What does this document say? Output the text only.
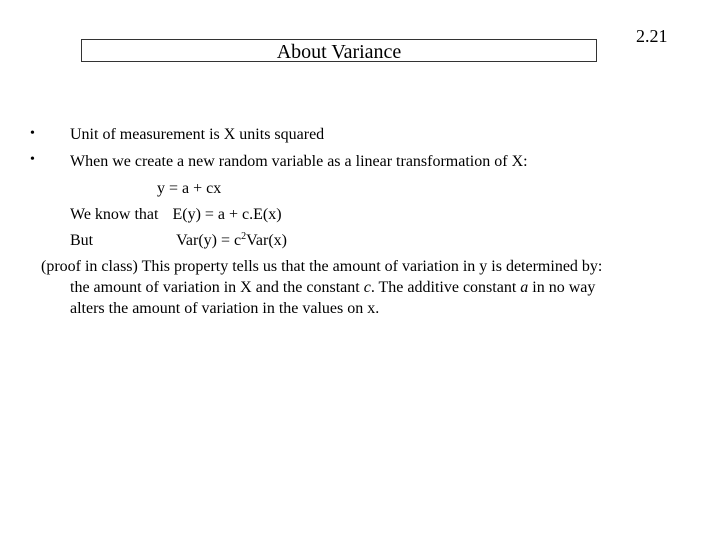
About Variance
2.21
• Unit of measurement is X units squared
• When we create a new random variable as a linear transformation of X:
y = a + cx
We know that E(y) = a + c.E(x)
But	$Var(y) = c^2Var(x)$
(proof in class) This property tells us that the amount of variation in y is determined by:
the amount of variation in X and the constant c. The additive constant a in no way
alters the amount of variation in the values on x.
